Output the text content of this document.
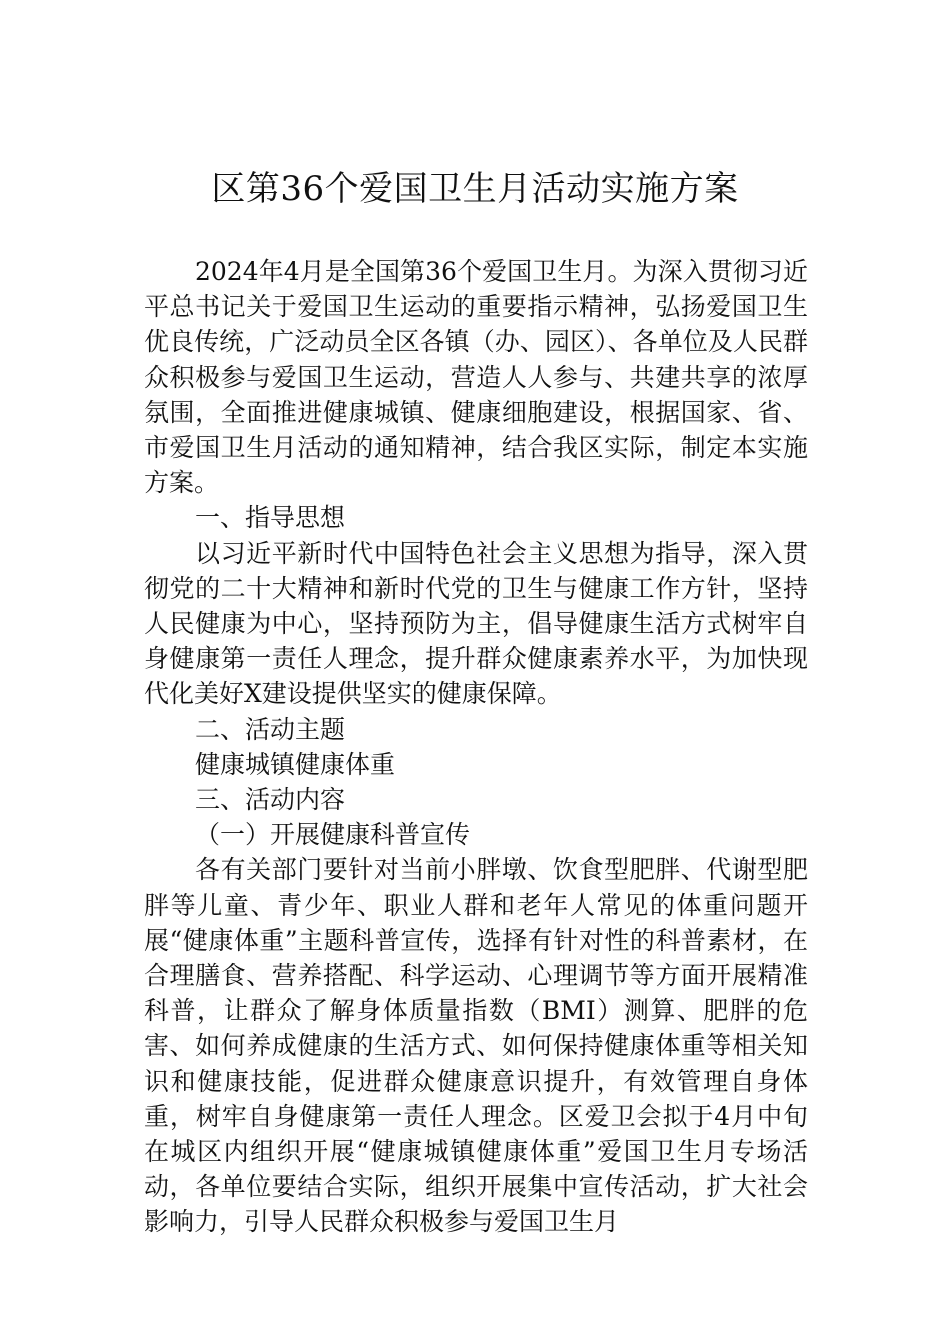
区第36个爱国卫生月活动实施方案

2024年4月是全国第36个爱国卫生月。为深入贯彻习近平总书记关于爱国卫生运动的重要指示精神，弘扬爱国卫生优良传统，广泛动员全区各镇（办、园区）、各单位及人民群众积极参与爱国卫生运动，营造人人参与、共建共享的浓厚氛围，全面推进健康城镇、健康细胞建设，根据国家、省、市爱国卫生月活动的通知精神，结合我区实际，制定本实施方案。

一、指导思想

以习近平新时代中国特色社会主义思想为指导，深入贯彻党的二十大精神和新时代党的卫生与健康工作方针，坚持人民健康为中心，坚持预防为主，倡导健康生活方式树牢自身健康第一责任人理念，提升群众健康素养水平，为加快现代化美好X建设提供坚实的健康保障。

二、活动主题

健康城镇健康体重

三、活动内容

（一）开展健康科普宣传

各有关部门要针对当前小胖墩、饮食型肥胖、代谢型肥胖等儿童、青少年、职业人群和老年人常见的体重问题开展“健康体重”主题科普宣传，选择有针对性的科普素材，在合理膳食、营养搭配、科学运动、心理调节等方面开展精准科普，让群众了解身体质量指数（BMI）测算、肥胖的危害、如何养成健康的生活方式、如何保持健康体重等相关知识和健康技能，促进群众健康意识提升，有效管理自身体重，树牢自身健康第一责任人理念。区爱卫会拟于4月中旬在城区内组织开展“健康城镇健康体重”爱国卫生月专场活动，各单位要结合实际，组织开展集中宣传活动，扩大社会影响力，引导人民群众积极参与爱国卫生月
